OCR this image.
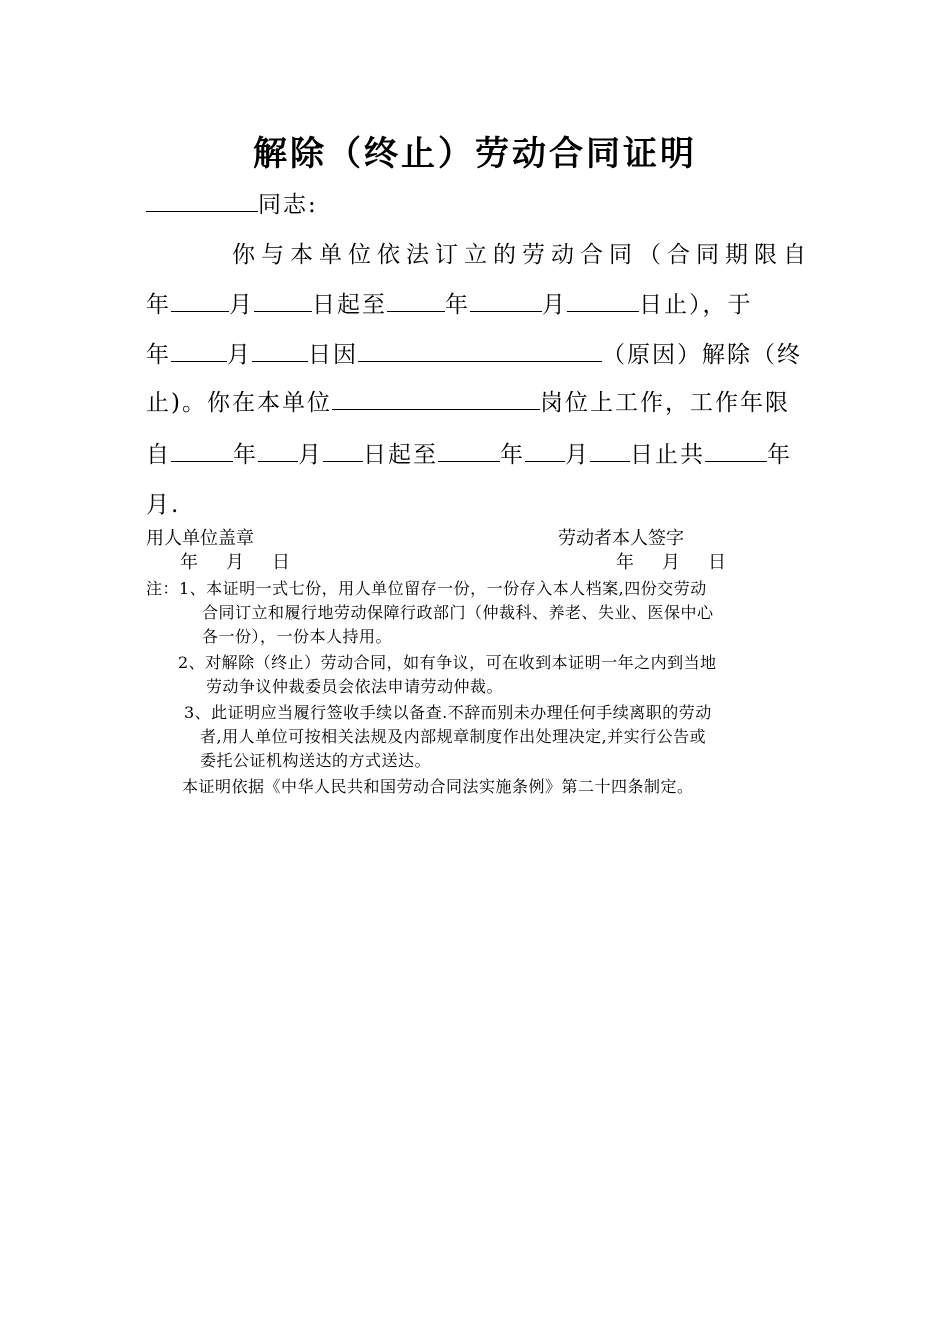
解除（终止）劳动合同证明
同志:
你与本单位依法订立的劳动合同（合同期限自
年	月	日起至	年	月	日止），于
年 月 日因	（原因）解除（终
止)。你在本单位	岗位上工作，工作年限
自	年 月 日起至	年 月 日止共	年
月.
用人单位盖章
年 月 日
劳动者本人签字
年 月 日
注：1、本证明一式七份，用人单位留存一份，一份存入本人档案,四份交劳动
合同订立和履行地劳动保障行政部门（仲裁科、养老、失业、医保中心
各一份），一份本人持用。
2、对解除（终止）劳动合同，如有争议，可在收到本证明一年之内到当地
劳动争议仲裁委员会依法申请劳动仲裁。
3、此证明应当履行签收手续以备查.不辞而别未办理任何手续离职的劳动
者,用人单位可按相关法规及内部规章制度作出处理决定,并实行公告或
委托公证机构送达的方式送达。
本证明依据《中华人民共和国劳动合同法实施条例》第二十四条制定。
